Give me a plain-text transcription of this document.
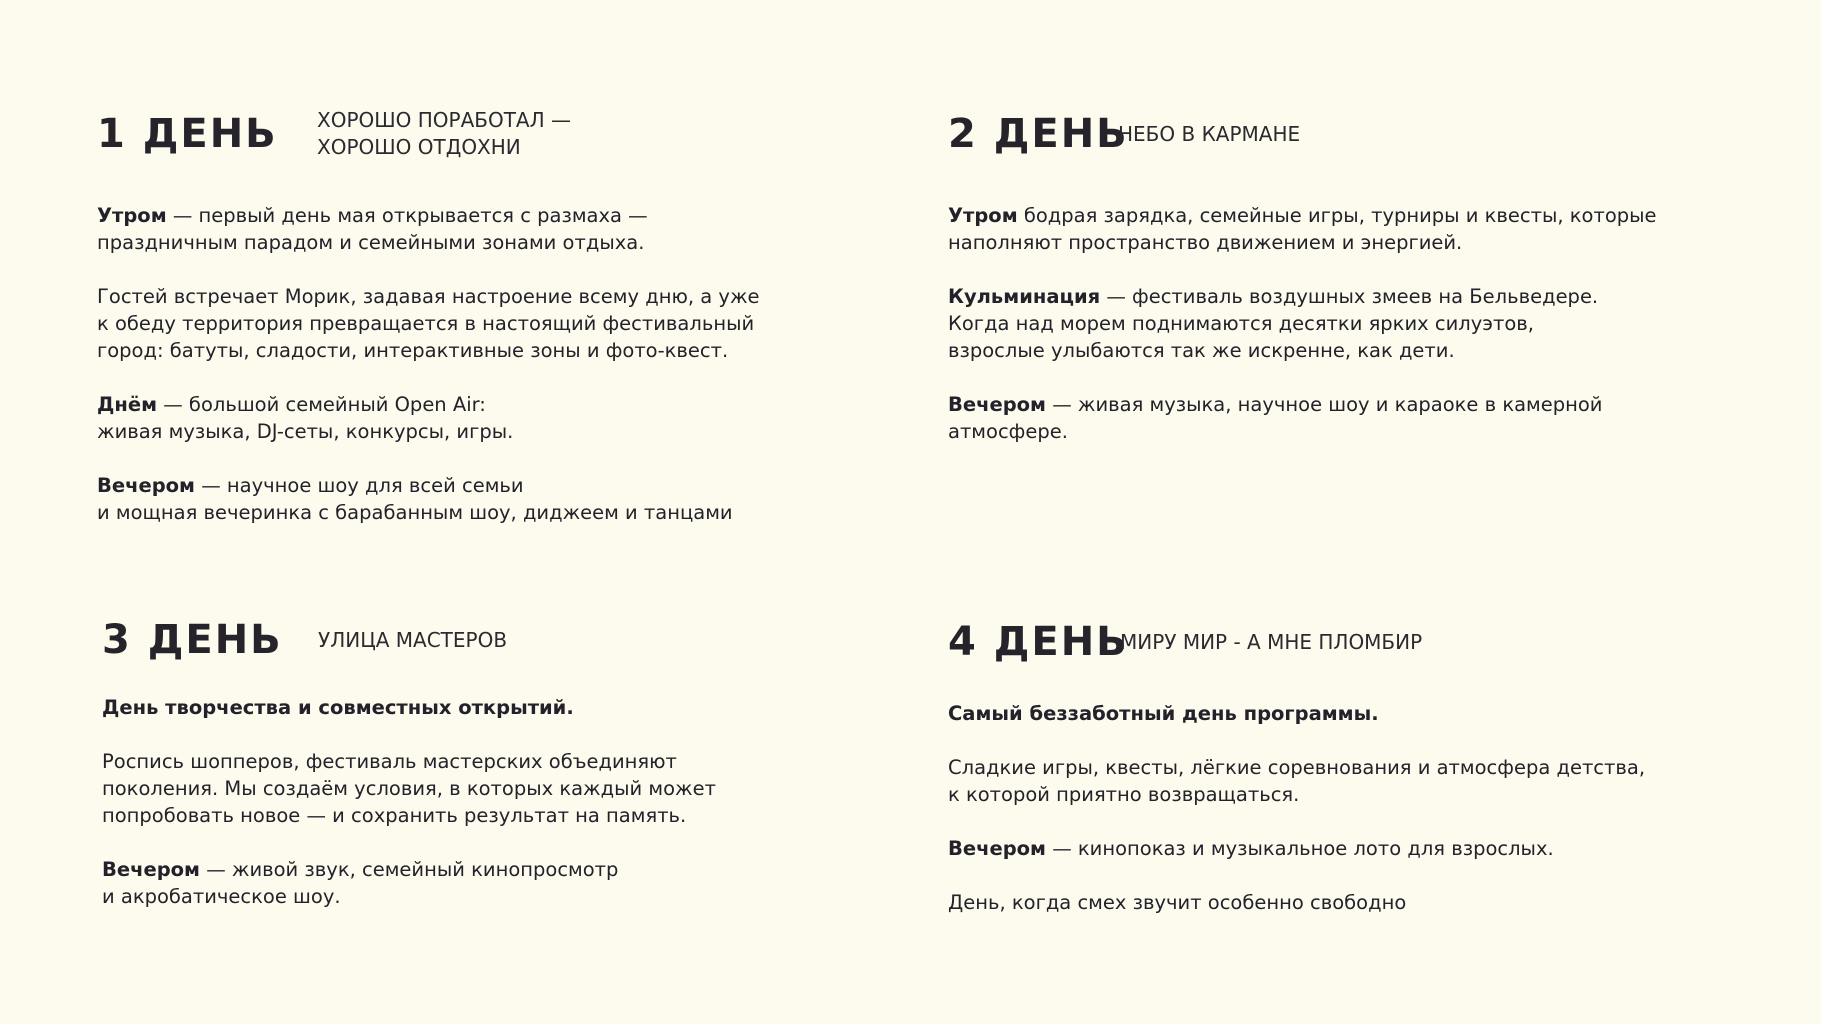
1 ДЕНЬ	ХОРОШО ПОРАБОТАЛ —
ХОРОШО ОТДОХНИ

Утром — первый день мая открывается с размаха —
праздничным парадом и семейными зонами отдыха.

Гостей встречает Морик, задавая настроение всему дню, а уже
к обеду территория превращается в настоящий фестивальный
город: батуты, сладости, интерактивные зоны и фото-квест.

Днём — большой семейный Open Air:
живая музыка, DJ-сеты, конкурсы, игры.

Вечером — научное шоу для всей семьи
и мощная вечеринка с барабанным шоу, диджеем и танцами

2 ДЕНЬ
НЕБО В КАРМАНЕ

Утром бодрая зарядка, семейные игры, турниры и квесты, которые
наполняют пространство движением и энергией.

Кульминация — фестиваль воздушных змеев на Бельведере.
Когда над морем поднимаются десятки ярких силуэтов,
взрослые улыбаются так же искренне, как дети.

Вечером — живая музыка, научное шоу и караоке в камерной
атмосфере.

3 ДЕНЬ	УЛИЦА МАСТЕРОВ

День творчества и совместных открытий.

Роспись шопперов, фестиваль мастерских объединяют
поколения. Мы создаём условия, в которых каждый может
попробовать новое — и сохранить результат на память.

Вечером — живой звук, семейный кинопросмотр
и акробатическое шоу.

4 ДЕНЬ
МИРУ МИР - А МНЕ ПЛОМБИР

Самый беззаботный день программы.

Сладкие игры, квесты, лёгкие соревнования и атмосфера детства,
к которой приятно возвращаться.

Вечером — кинопоказ и музыкальное лото для взрослых.

День, когда смех звучит особенно свободно
